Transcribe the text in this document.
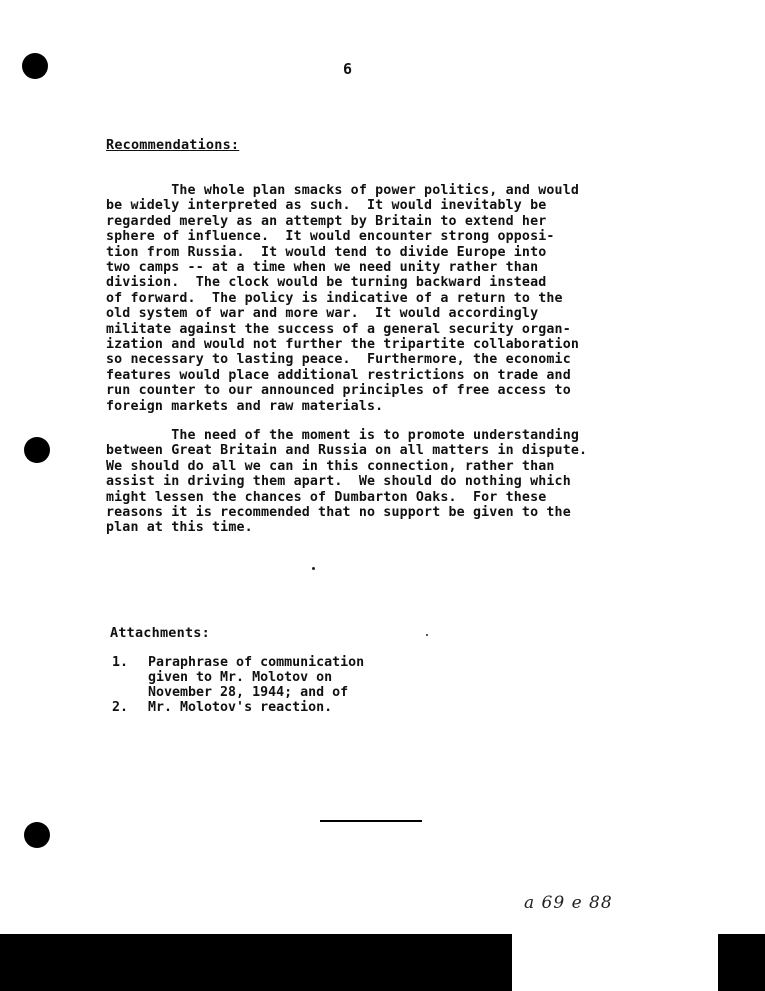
6
Recommendations:

The whole plan smacks of power politics, and would

be widely interpreted as such.  It would inevitably be

regarded merely as an attempt by Britain to extend her

sphere of influence.  It would encounter strong opposi-

tion from Russia.  It would tend to divide Europe into

two camps -- at a time when we need unity rather than

division.  The clock would be turning backward instead

of forward.  The policy is indicative of a return to the

old system of war and more war.  It would accordingly

militate against the success of a general security organ-

ization and would not further the tripartite collaboration

so necessary to lasting peace.  Furthermore, the economic

features would place additional restrictions on trade and

run counter to our announced principles of free access to

foreign markets and raw materials.

The need of the moment is to promote understanding

between Great Britain and Russia on all matters in dispute.

We should do all we can in this connection, rather than

assist in driving them apart.  We should do nothing which

might lessen the chances of Dumbarton Oaks.  For these

reasons it is recommended that no support be given to the

plan at this time.

Attachments:
1.	Paraphrase of communication

given to Mr. Molotov on

November 28, 1944; and of

2.	Mr. Molotov's reaction.

a 69 e 88
